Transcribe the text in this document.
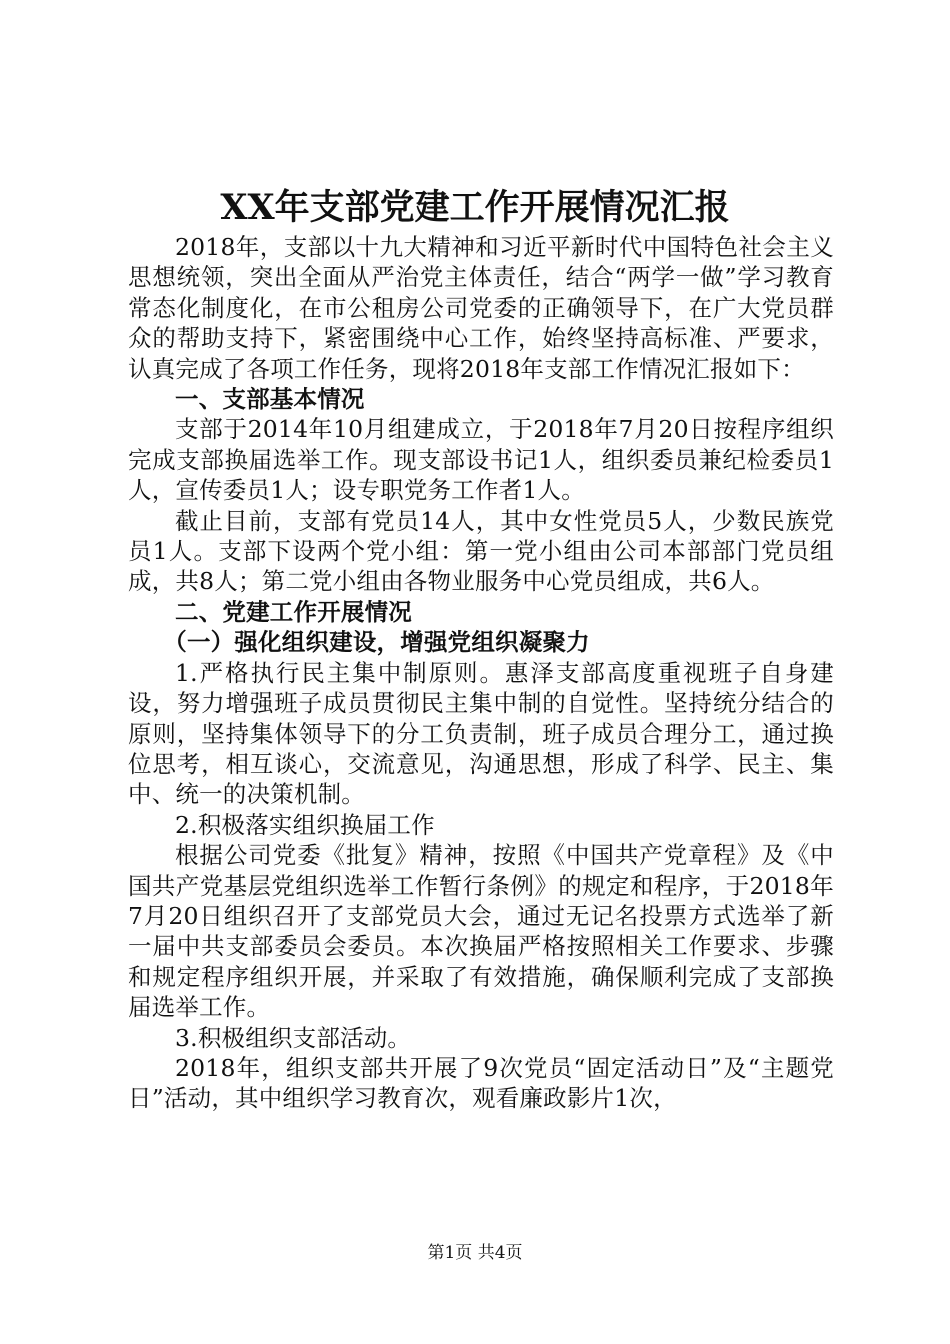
XX年支部党建工作开展情况汇报

2018年，支部以十九大精神和习近平新时代中国特色社会主义思想统领，突出全面从严治党主体责任，结合“两学一做”学习教育常态化制度化，在市公租房公司党委的正确领导下，在广大党员群众的帮助支持下，紧密围绕中心工作，始终坚持高标准、严要求，认真完成了各项工作任务，现将2018年支部工作情况汇报如下：

一、支部基本情况

支部于2014年10月组建成立，于2018年7月20日按程序组织完成支部换届选举工作。现支部设书记1人，组织委员兼纪检委员1人，宣传委员1人；设专职党务工作者1人。

截止目前，支部有党员14人，其中女性党员5人，少数民族党员1人。支部下设两个党小组：第一党小组由公司本部部门党员组成，共8人；第二党小组由各物业服务中心党员组成，共6人。

二、党建工作开展情况

（一）强化组织建设，增强党组织凝聚力

1.严格执行民主集中制原则。惠泽支部高度重视班子自身建设，努力增强班子成员贯彻民主集中制的自觉性。坚持统分结合的原则，坚持集体领导下的分工负责制，班子成员合理分工，通过换位思考，相互谈心，交流意见，沟通思想，形成了科学、民主、集中、统一的决策机制。

2.积极落实组织换届工作

根据公司党委《批复》精神，按照《中国共产党章程》及《中国共产党基层党组织选举工作暂行条例》的规定和程序，于2018年7月20日组织召开了支部党员大会，通过无记名投票方式选举了新一届中共支部委员会委员。本次换届严格按照相关工作要求、步骤和规定程序组织开展，并采取了有效措施，确保顺利完成了支部换届选举工作。

3.积极组织支部活动。

2018年，组织支部共开展了9次党员“固定活动日”及“主题党日”活动，其中组织学习教育次，观看廉政影片1次，

第1页 共4页
